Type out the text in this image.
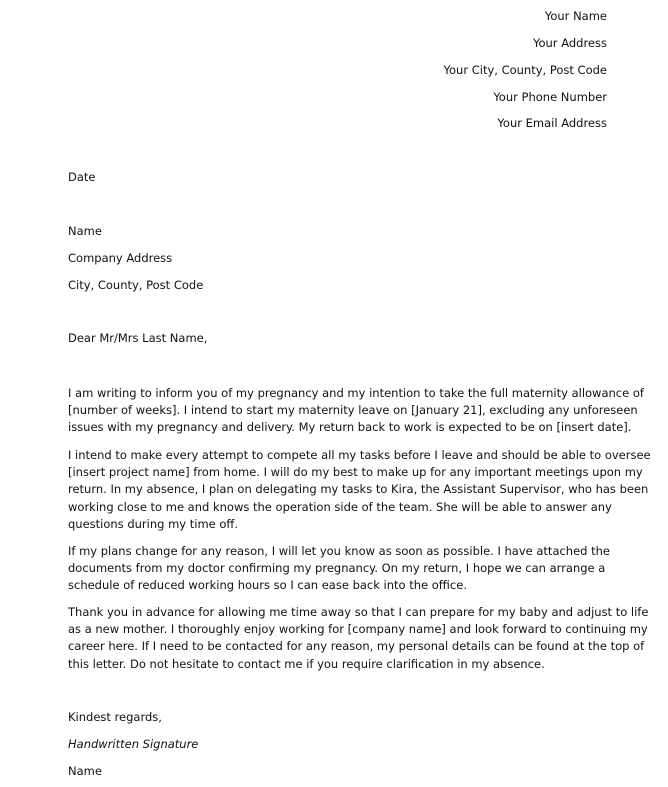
Your Name
Your Address
Your City, County, Post Code
Your Phone Number
Your Email Address
Date
Name
Company Address
City, County, Post Code
Dear Mr/Mrs Last Name,

I am writing to inform you of my pregnancy and my intention to take the full maternity allowance of
[number of weeks]. I intend to start my maternity leave on [January 21], excluding any unforeseen
issues with my pregnancy and delivery. My return back to work is expected to be on [insert date].

I intend to make every attempt to compete all my tasks before I leave and should be able to oversee
[insert project name] from home. I will do my best to make up for any important meetings upon my
return. In my absence, I plan on delegating my tasks to Kira, the Assistant Supervisor, who has been
working close to me and knows the operation side of the team. She will be able to answer any
questions during my time off.

If my plans change for any reason, I will let you know as soon as possible. I have attached the
documents from my doctor confirming my pregnancy. On my return, I hope we can arrange a
schedule of reduced working hours so I can ease back into the office.

Thank you in advance for allowing me time away so that I can prepare for my baby and adjust to life
as a new mother. I thoroughly enjoy working for [company name] and look forward to continuing my
career here. If I need to be contacted for any reason, my personal details can be found at the top of
this letter. Do not hesitate to contact me if you require clarification in my absence.

Kindest regards,
Handwritten Signature
Name
